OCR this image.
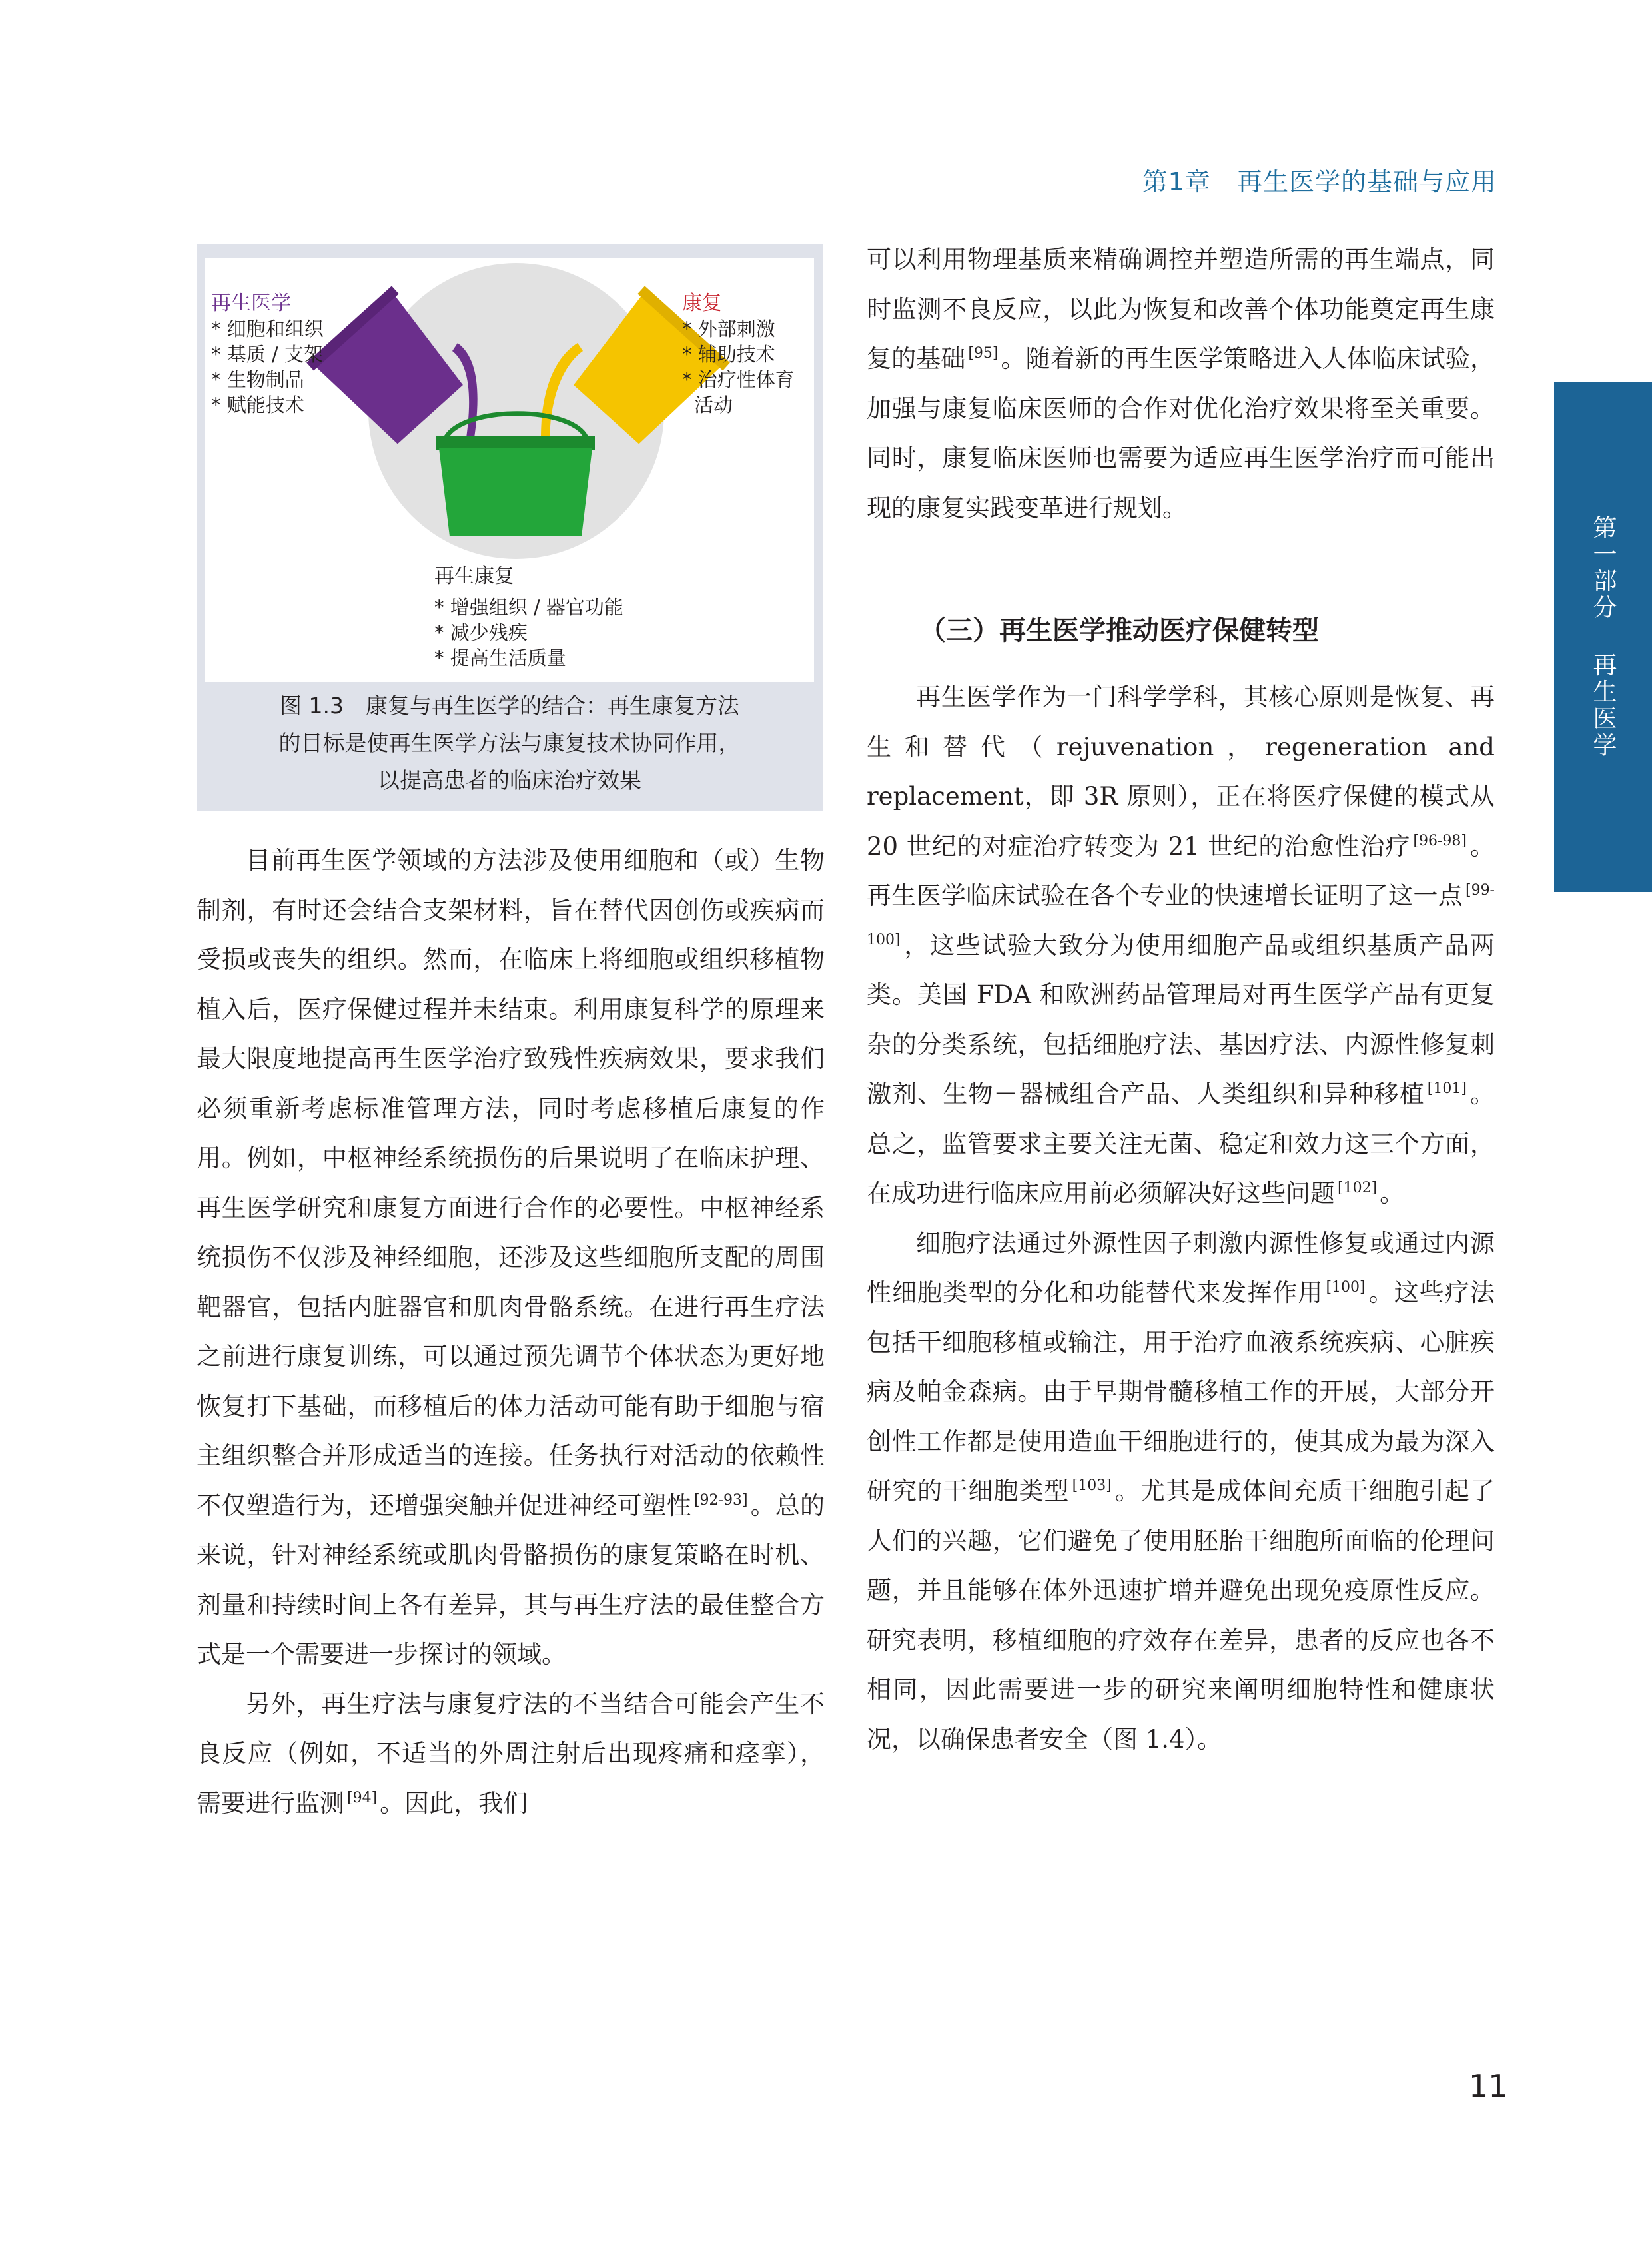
第1章   再生医学的基础与应用
第一部分   再生医学
再生医学
* 细胞和组织
* 基质 / 支架
* 生物制品
* 赋能技术
康复
* 外部刺激
* 辅助技术
* 治疗性体育
活动
再生康复
* 增强组织 / 器官功能
* 减少残疾
* 提高生活质量
图 1.3　康复与再生医学的结合：再生康复方法
的目标是使再生医学方法与康复技术协同作用，
以提高患者的临床治疗效果

目前再生医学领域的方法涉及使用细胞和（或）生物制剂，有时还会结合支架材料，旨在替代因创伤或疾病而受损或丧失的组织。然而，在临床上将细胞或组织移植物植入后，医疗保健过程并未结束。利用康复科学的原理来最大限度地提高再生医学治疗致残性疾病效果，要求我们必须重新考虑标准管理方法，同时考虑移植后康复的作用。例如，中枢神经系统损伤的后果说明了在临床护理、再生医学研究和康复方面进行合作的必要性。中枢神经系统损伤不仅涉及神经细胞，还涉及这些细胞所支配的周围靶器官，包括内脏器官和肌肉骨骼系统。在进行再生疗法之前进行康复训练，可以通过预先调节个体状态为更好地恢复打下基础，而移植后的体力活动可能有助于细胞与宿主组织整合并形成适当的连接。任务执行对活动的依赖性不仅塑造行为，还增强突触并促进神经可塑性 [92-93] 。总的来说，针对神经系统或肌肉骨骼损伤的康复策略在时机、剂量和持续时间上各有差异，其与再生疗法的最佳整合方式是一个需要进一步探讨的领域。

另外，再生疗法与康复疗法的不当结合可能会产生不良反应（例如，不适当的外周注射后出现疼痛和痉挛），需要进行监测 [94] 。因此，我们

可以利用物理基质来精确调控并塑造所需的再生端点，同时监测不良反应，以此为恢复和改善个体功能奠定再生康复的基础 [95] 。随着新的再生医学策略进入人体临床试验，加强与康复临床医师的合作对优化治疗效果将至关重要。同时，康复临床医师也需要为适应再生医学治疗而可能出现的康复实践变革进行规划。

（三）再生医学推动医疗保健转型

再生医学作为一门科学学科，其核心原则是恢复、再生和替代（rejuvenation，regeneration and replacement，即 3R 原则），正在将医疗保健的模式从 20 世纪的对症治疗转变为 21 世纪的治愈性治疗 [96-98] 。再生医学临床试验在各个专业的快速增长证明了这一点 [99-100] ，这些试验大致分为使用细胞产品或组织基质产品两类。美国 FDA 和欧洲药品管理局对再生医学产品有更复杂的分类系统，包括细胞疗法、基因疗法、内源性修复刺激剂、生物－器械组合产品、人类组织和异种移植 [101] 。总之，监管要求主要关注无菌、稳定和效力这三个方面，在成功进行临床应用前必须解决好这些问题 [102] 。

细胞疗法通过外源性因子刺激内源性修复或通过内源性细胞类型的分化和功能替代来发挥作用 [100] 。这些疗法包括干细胞移植或输注，用于治疗血液系统疾病、心脏疾病及帕金森病。由于早期骨髓移植工作的开展，大部分开创性工作都是使用造血干细胞进行的，使其成为最为深入研究的干细胞类型 [103] 。尤其是成体间充质干细胞引起了人们的兴趣，它们避免了使用胚胎干细胞所面临的伦理问题，并且能够在体外迅速扩增并避免出现免疫原性反应。研究表明，移植细胞的疗效存在差异，患者的反应也各不相同，因此需要进一步的研究来阐明细胞特性和健康状况，以确保患者安全（图 1.4）。

11
